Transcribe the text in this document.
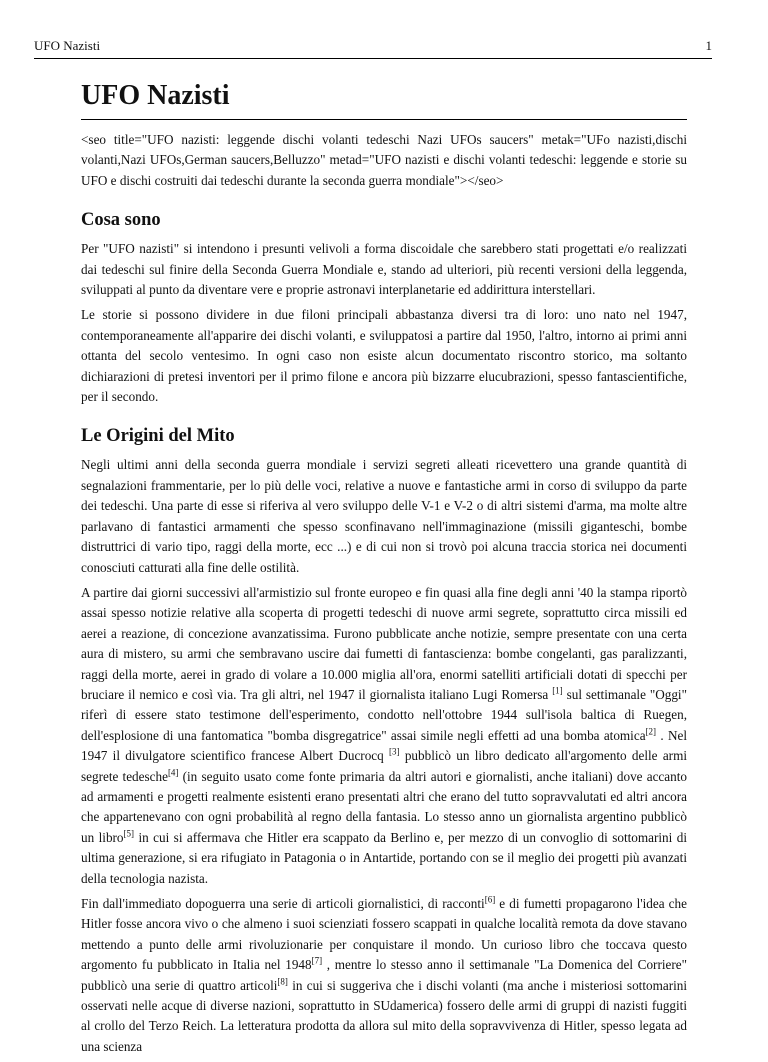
UFO Nazisti	1
UFO Nazisti

<seo title="UFO nazisti: leggende dischi volanti tedeschi Nazi UFOs saucers" metak="UFo nazisti,dischi volanti,Nazi UFOs,German saucers,Belluzzo" metad="UFO nazisti e dischi volanti tedeschi: leggende e storie su UFO e dischi costruiti dai tedeschi durante la seconda guerra mondiale"></seo>

Cosa sono

Per "UFO nazisti" si intendono i presunti velivoli a forma discoidale che sarebbero stati progettati e/o realizzati dai tedeschi sul finire della Seconda Guerra Mondiale e, stando ad ulteriori, più recenti versioni della leggenda, sviluppati al punto da diventare vere e proprie astronavi interplanetarie ed addirittura interstellari.

Le storie si possono dividere in due filoni principali abbastanza diversi tra di loro: uno nato nel 1947, contemporaneamente all'apparire dei dischi volanti, e sviluppatosi a partire dal 1950, l'altro, intorno ai primi anni ottanta del secolo ventesimo. In ogni caso non esiste alcun documentato riscontro storico, ma soltanto dichiarazioni di pretesi inventori per il primo filone e ancora più bizzarre elucubrazioni, spesso fantascientifiche, per il secondo.

Le Origini del Mito

Negli ultimi anni della seconda guerra mondiale i servizi segreti alleati ricevettero una grande quantità di segnalazioni frammentarie, per lo più delle voci, relative a nuove e fantastiche armi in corso di sviluppo da parte dei tedeschi. Una parte di esse si riferiva al vero sviluppo delle V-1 e V-2 o di altri sistemi d'arma, ma molte altre parlavano di fantastici armamenti che spesso sconfinavano nell'immaginazione (missili giganteschi, bombe distruttrici di vario tipo, raggi della morte, ecc ...) e di cui non si trovò poi alcuna traccia storica nei documenti conosciuti catturati alla fine delle ostilità.

A partire dai giorni successivi all'armistizio sul fronte europeo e fin quasi alla fine degli anni '40 la stampa riportò assai spesso notizie relative alla scoperta di progetti tedeschi di nuove armi segrete, soprattutto circa missili ed aerei a reazione, di concezione avanzatissima. Furono pubblicate anche notizie, sempre presentate con una certa aura di mistero, su armi che sembravano uscire dai fumetti di fantascienza: bombe congelanti, gas paralizzanti, raggi della morte, aerei in grado di volare a 10.000 miglia all'ora, enormi satelliti artificiali dotati di specchi per bruciare il nemico e così via. Tra gli altri, nel 1947 il giornalista italiano Lugi Romersa [1] sul settimanale "Oggi" riferì di essere stato testimone dell'esperimento, condotto nell'ottobre 1944 sull'isola baltica di Ruegen, dell'esplosione di una fantomatica "bomba disgregatrice" assai simile negli effetti ad una bomba atomica[2] . Nel 1947 il divulgatore scientifico francese Albert Ducrocq [3] pubblicò un libro dedicato all'argomento delle armi segrete tedesche[4] (in seguito usato come fonte primaria da altri autori e giornalisti, anche italiani) dove accanto ad armamenti e progetti realmente esistenti erano presentati altri che erano del tutto sopravvalutati ed altri ancora che appartenevano con ogni probabilità al regno della fantasia. Lo stesso anno un giornalista argentino pubblicò un libro[5] in cui si affermava che Hitler era scappato da Berlino e, per mezzo di un convoglio di sottomarini di ultima generazione, si era rifugiato in Patagonia o in Antartide, portando con se il meglio dei progetti più avanzati della tecnologia nazista.

Fin dall'immediato dopoguerra una serie di articoli giornalistici, di racconti[6] e di fumetti propagarono l'idea che Hitler fosse ancora vivo o che almeno i suoi scienziati fossero scappati in qualche località remota da dove stavano mettendo a punto delle armi rivoluzionarie per conquistare il mondo. Un curioso libro che toccava questo argomento fu pubblicato in Italia nel 1948[7] , mentre lo stesso anno il settimanale "La Domenica del Corriere" pubblicò una serie di quattro articoli[8] in cui si suggeriva che i dischi volanti (ma anche i misteriosi sottomarini osservati nelle acque di diverse nazioni, soprattutto in SUdamerica) fossero delle armi di gruppi di nazisti fuggiti al crollo del Terzo Reich. La letteratura prodotta da allora sul mito della sopravvivenza di Hitler, spesso legata ad una scienza
